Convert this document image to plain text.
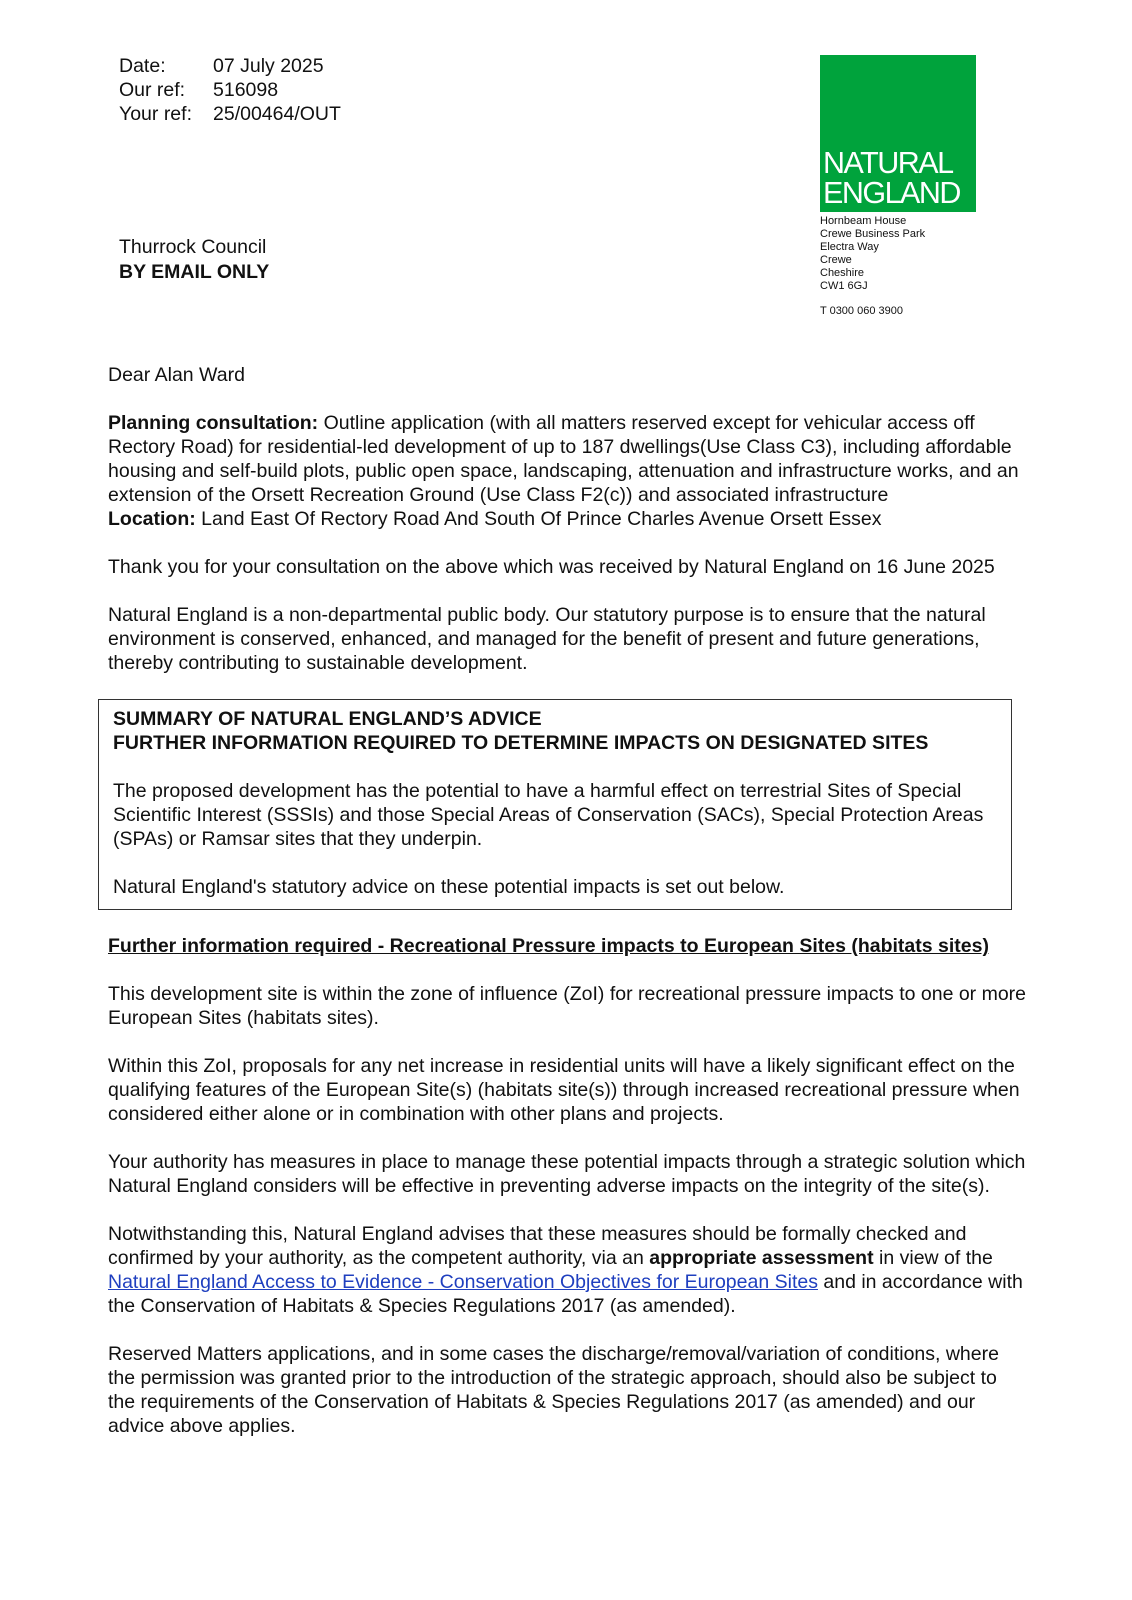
Date:	07 July 2025
Our ref:	516098
Your ref:	25/00464/OUT
NATURAL
ENGLAND
Hornbeam House
Crewe Business Park
Electra Way
Crewe
Cheshire
CW1 6GJ
T 0300 060 3900
Thurrock Council
BY EMAIL ONLY

Dear Alan Ward

Planning consultation: Outline application (with all matters reserved except for vehicular access off Rectory Road) for residential-led development of up to 187 dwellings(Use Class C3), including affordable housing and self-build plots, public open space, landscaping, attenuation and infrastructure works, and an extension of the Orsett Recreation Ground (Use Class F2(c)) and associated infrastructure
Location: Land East Of Rectory Road And South Of Prince Charles Avenue Orsett Essex

Thank you for your consultation on the above which was received by Natural England on 16 June 2025

Natural England is a non-departmental public body. Our statutory purpose is to ensure that the natural environment is conserved, enhanced, and managed for the benefit of present and future generations, thereby contributing to sustainable development.

SUMMARY OF NATURAL ENGLAND’S ADVICE
FURTHER INFORMATION REQUIRED TO DETERMINE IMPACTS ON DESIGNATED SITES

The proposed development has the potential to have a harmful effect on terrestrial Sites of Special Scientific Interest (SSSIs) and those Special Areas of Conservation (SACs), Special Protection Areas (SPAs) or Ramsar sites that they underpin.

Natural England's statutory advice on these potential impacts is set out below.

Further information required - Recreational Pressure impacts to European Sites (habitats sites)

This development site is within the zone of influence (ZoI) for recreational pressure impacts to one or more European Sites (habitats sites).

Within this ZoI, proposals for any net increase in residential units will have a likely significant effect on the qualifying features of the European Site(s) (habitats site(s)) through increased recreational pressure when considered either alone or in combination with other plans and projects.

Your authority has measures in place to manage these potential impacts through a strategic solution which Natural England considers will be effective in preventing adverse impacts on the integrity of the site(s).

Notwithstanding this, Natural England advises that these measures should be formally checked and confirmed by your authority, as the competent authority, via an appropriate assessment in view of the Natural England Access to Evidence - Conservation Objectives for European Sites and in accordance with the Conservation of Habitats & Species Regulations 2017 (as amended).

Reserved Matters applications, and in some cases the discharge/removal/variation of conditions, where the permission was granted prior to the introduction of the strategic approach, should also be subject to the requirements of the Conservation of Habitats & Species Regulations 2017 (as amended) and our advice above applies.
